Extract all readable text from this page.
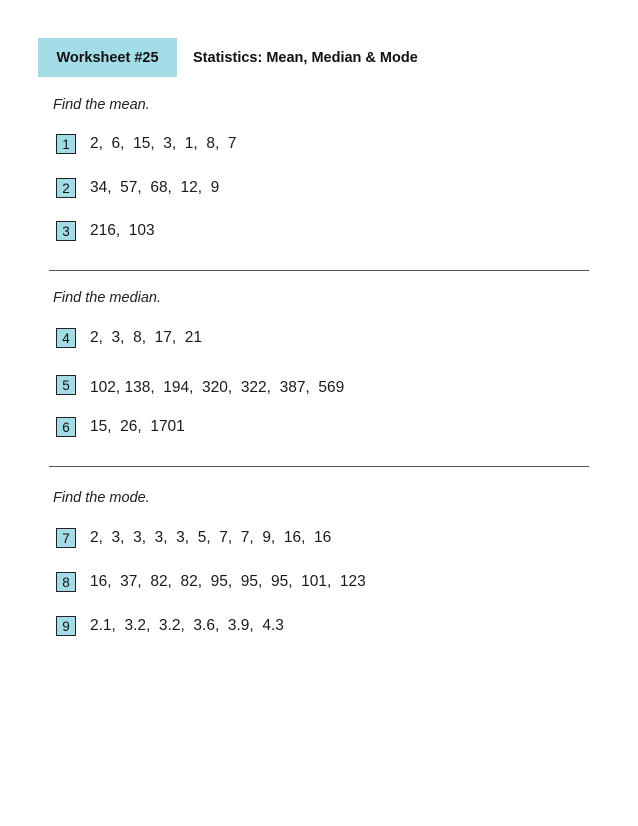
Worksheet #25 Statistics: Mean, Median & Mode
Find the mean.
1	2,  6,  15,  3,  1,  8,  7
2	34,  57,  68,  12,  9
3	216,  103
Find the median.
4	2,  3,  8,  17,  21
5	102, 138,  194,  320,  322,  387,  569
6	15,  26,  1701
Find the mode.
7	2,  3,  3,  3,  3,  5,  7,  7,  9,  16,  16
8	16,  37,  82,  82,  95,  95,  95,  101,  123
9	2.1,  3.2,  3.2,  3.6,  3.9,  4.3
